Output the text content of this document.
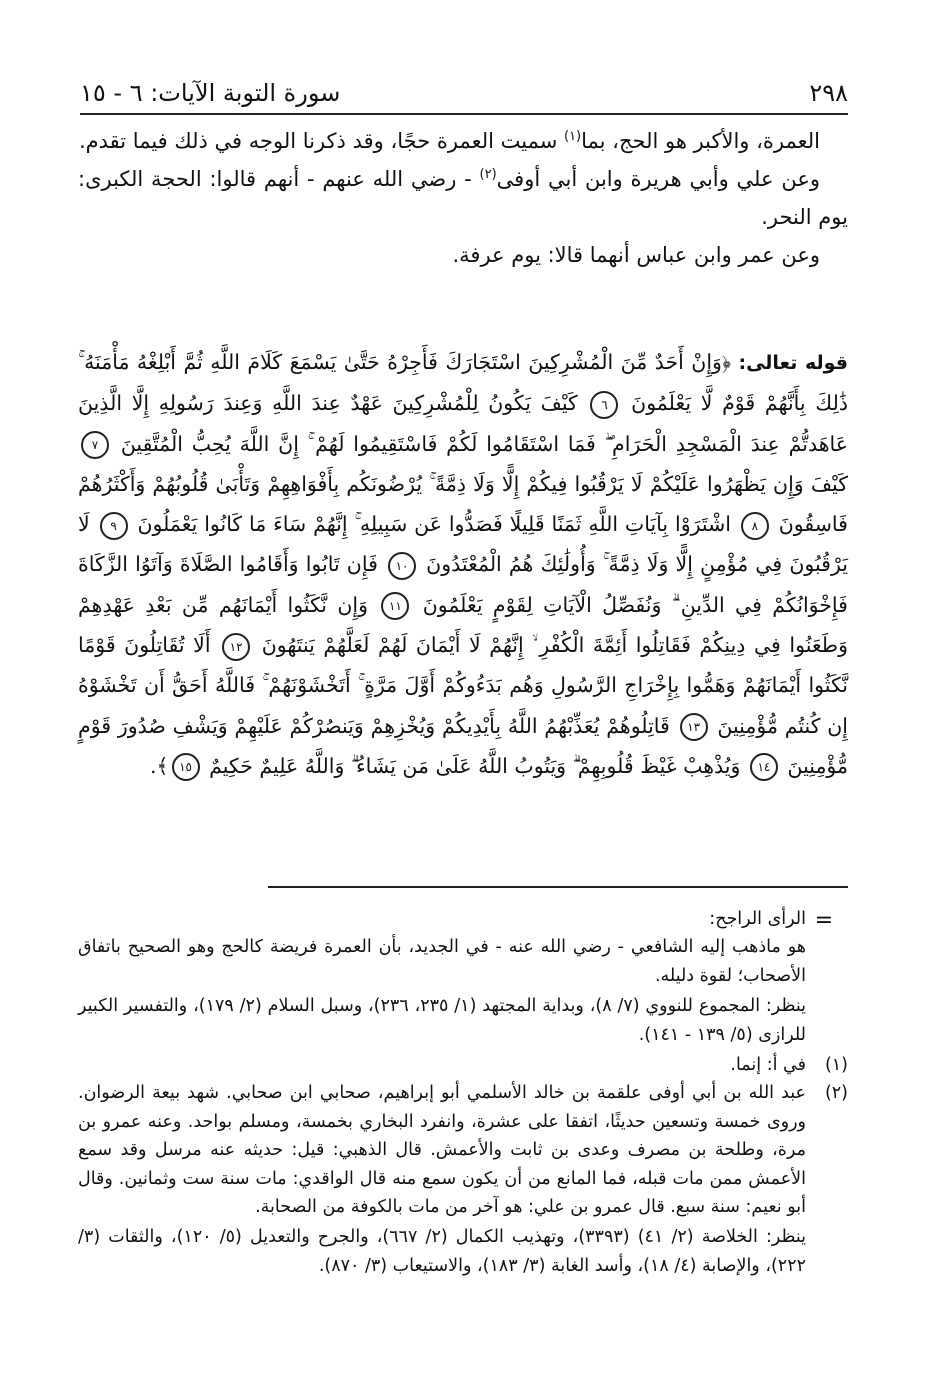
٢٩٨
سورة التوبة الآيات: ٦ - ١٥

العمرة، والأكبر هو الحج، بما$^{(١)}$ سميت العمرة حجًا، وقد ذكرنا الوجه في ذلك فيما تقدم.

وعن علي وأبي هريرة وابن أبي أوفى$^{(٢)}$ - رضي الله عنهم - أنهم قالوا: الحجة الكبرى: يوم النحر.

وعن عمر وابن عباس أنهما قالا: يوم عرفة.

قوله تعالى: ﴿وَإِنْ أَحَدٌ مِّنَ الْمُشْرِكِينَ اسْتَجَارَكَ فَأَجِرْهُ حَتَّىٰ يَسْمَعَ كَلَامَ اللَّهِ ثُمَّ أَبْلِغْهُ مَأْمَنَهُ ۚ ذَٰلِكَ بِأَنَّهُمْ قَوْمٌ لَّا يَعْلَمُونَ ٦ كَيْفَ يَكُونُ لِلْمُشْرِكِينَ عَهْدٌ عِندَ اللَّهِ وَعِندَ رَسُولِهِ إِلَّا الَّذِينَ عَاهَدتُّمْ عِندَ الْمَسْجِدِ الْحَرَامِ ۖ فَمَا اسْتَقَامُوا لَكُمْ فَاسْتَقِيمُوا لَهُمْ ۚ إِنَّ اللَّهَ يُحِبُّ الْمُتَّقِينَ ٧ كَيْفَ وَإِن يَظْهَرُوا عَلَيْكُمْ لَا يَرْقُبُوا فِيكُمْ إِلًّا وَلَا ذِمَّةً ۚ يُرْضُونَكُم بِأَفْوَاهِهِمْ وَتَأْبَىٰ قُلُوبُهُمْ وَأَكْثَرُهُمْ فَاسِقُونَ ٨ اشْتَرَوْا بِآيَاتِ اللَّهِ ثَمَنًا قَلِيلًا فَصَدُّوا عَن سَبِيلِهِ ۚ إِنَّهُمْ سَاءَ مَا كَانُوا يَعْمَلُونَ ٩ لَا يَرْقُبُونَ فِي مُؤْمِنٍ إِلًّا وَلَا ذِمَّةً ۚ وَأُولَٰئِكَ هُمُ الْمُعْتَدُونَ ١٠ فَإِن تَابُوا وَأَقَامُوا الصَّلَاةَ وَآتَوُا الزَّكَاةَ فَإِخْوَانُكُمْ فِي الدِّينِ ۗ وَنُفَصِّلُ الْآيَاتِ لِقَوْمٍ يَعْلَمُونَ ١١ وَإِن نَّكَثُوا أَيْمَانَهُم مِّن بَعْدِ عَهْدِهِمْ وَطَعَنُوا فِي دِينِكُمْ فَقَاتِلُوا أَئِمَّةَ الْكُفْرِ ۙ إِنَّهُمْ لَا أَيْمَانَ لَهُمْ لَعَلَّهُمْ يَنتَهُونَ ١٢ أَلَا تُقَاتِلُونَ قَوْمًا نَّكَثُوا أَيْمَانَهُمْ وَهَمُّوا بِإِخْرَاجِ الرَّسُولِ وَهُم بَدَءُوكُمْ أَوَّلَ مَرَّةٍ ۚ أَتَخْشَوْنَهُمْ ۚ فَاللَّهُ أَحَقُّ أَن تَخْشَوْهُ إِن كُنتُم مُّؤْمِنِينَ ١٣ قَاتِلُوهُمْ يُعَذِّبْهُمُ اللَّهُ بِأَيْدِيكُمْ وَيُخْزِهِمْ وَيَنصُرْكُمْ عَلَيْهِمْ وَيَشْفِ صُدُورَ قَوْمٍ مُّؤْمِنِينَ ١٤ وَيُذْهِبْ غَيْظَ قُلُوبِهِمْ ۗ وَيَتُوبُ اللَّهُ عَلَىٰ مَن يَشَاءُ ۗ وَاللَّهُ عَلِيمٌ حَكِيمٌ ١٥﴾.
=

الرأى الراجح:

هو ماذهب إليه الشافعي - رضي الله عنه - في الجديد، بأن العمرة فريضة كالحج وهو الصحيح باتفاق الأصحاب؛ لقوة دليله.

ينظر: المجموع للنووي (٧/ ٨)، وبداية المجتهد (١/ ٢٣٥، ٢٣٦)، وسبل السلام (٢/ ١٧٩)، والتفسير الكبير للرازى (٥/ ١٣٩ - ١٤١).

(١)
في أ: إنما.
(٢)
عبد الله بن أبي أوفى علقمة بن خالد الأسلمي أبو إبراهيم، صحابي ابن صحابي. شهد بيعة الرضوان. وروى خمسة وتسعين حديثًا، اتفقا على عشرة، وانفرد البخاري بخمسة، ومسلم بواحد. وعنه عمرو بن مرة، وطلحة بن مصرف وعدى بن ثابت والأعمش. قال الذهبي: قيل: حديثه عنه مرسل وقد سمع الأعمش ممن مات قبله، فما المانع من أن يكون سمع منه قال الواقدي: مات سنة ست وثمانين. وقال أبو نعيم: سنة سبع. قال عمرو بن علي: هو آخر من مات بالكوفة من الصحابة.

ينظر: الخلاصة (٢/ ٤١) (٣٣٩٣)، وتهذيب الكمال (٢/ ٦٦٧)، والجرح والتعديل (٥/ ١٢٠)، والثقات (٣/ ٢٢٢)، والإصابة (٤/ ١٨)، وأسد الغابة (٣/ ١٨٣)، والاستيعاب (٣/ ٨٧٠).
